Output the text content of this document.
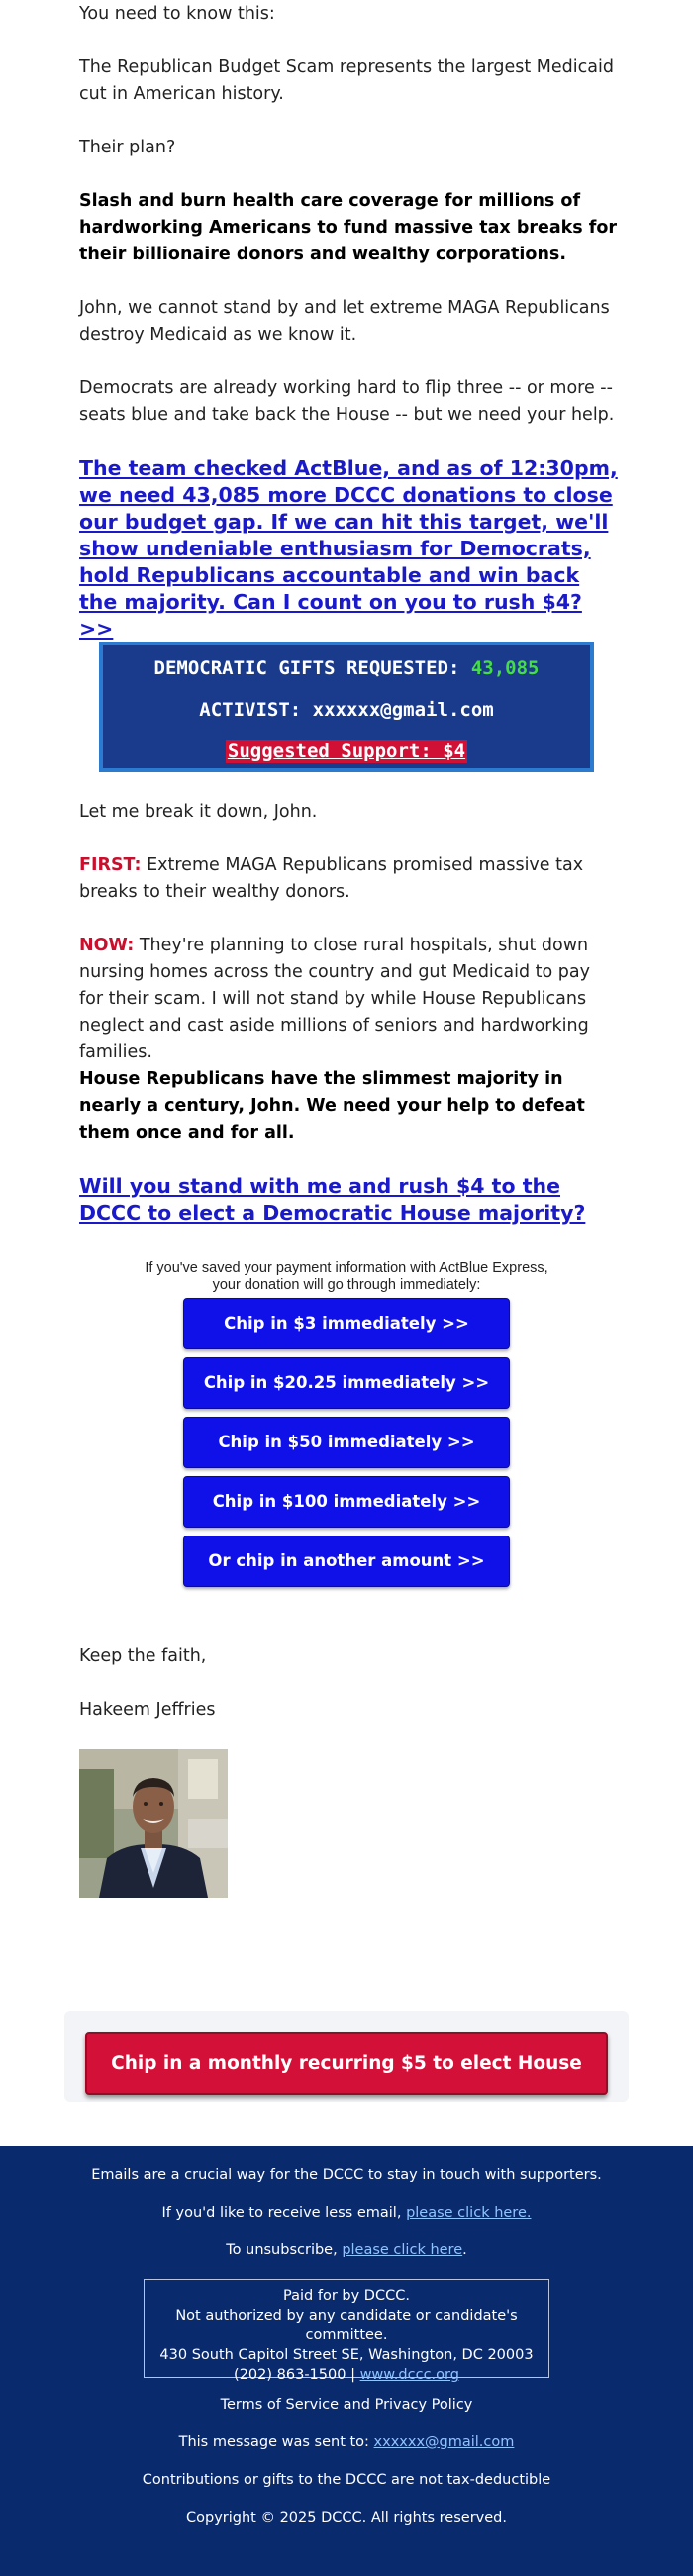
You need to know this:

The Republican Budget Scam represents the largest Medicaid cut in American history.

Their plan?

Slash and burn health care coverage for millions of hardworking Americans to fund massive tax breaks for their billionaire donors and wealthy corporations.

John, we cannot stand by and let extreme MAGA Republicans destroy Medicaid as we know it.

Democrats are already working hard to flip three -- or more -- seats blue and take back the House -- but we need your help.

The team checked ActBlue, and as of 12:30pm, we need 43,085 more DCCC donations to close our budget gap. If we can hit this target, we'll show undeniable enthusiasm for Democrats, hold Republicans accountable and win back the majority. Can I count on you to rush $4? >>
DEMOCRATIC GIFTS REQUESTED: 43,085
ACTIVIST: xxxxxx@gmail.com
Suggested Support: $4

Let me break it down, John.

FIRST: Extreme MAGA Republicans promised massive tax breaks to their wealthy donors.

NOW: They're planning to close rural hospitals, shut down nursing homes across the country and gut Medicaid to pay for their scam. I will not stand by while House Republicans neglect and cast aside millions of seniors and hardworking families.

House Republicans have the slimmest majority in nearly a century, John. We need your help to defeat them once and for all.

Will you stand with me and rush $4 to the DCCC to elect a Democratic House majority?
If you've saved your payment information with ActBlue Express,
your donation will go through immediately:
Chip in $3 immediately >>
Chip in $20.25 immediately >>
Chip in $50 immediately >>
Chip in $100 immediately >>
Or chip in another amount >>

Keep the faith,

Hakeem Jeffries

Chip in a monthly recurring $5 to elect House Dems >>
Emails are a crucial way for the DCCC to stay in touch with supporters.
If you'd like to receive less email, please click here.
To unsubscribe, please click here.
Paid for by DCCC.
Not authorized by any candidate or candidate's committee.
430 South Capitol Street SE, Washington, DC 20003
(202) 863-1500 | www.dccc.org
Terms of Service and Privacy Policy
This message was sent to: xxxxxx@gmail.com
Contributions or gifts to the DCCC are not tax-deductible
Copyright © 2025 DCCC. All rights reserved.
